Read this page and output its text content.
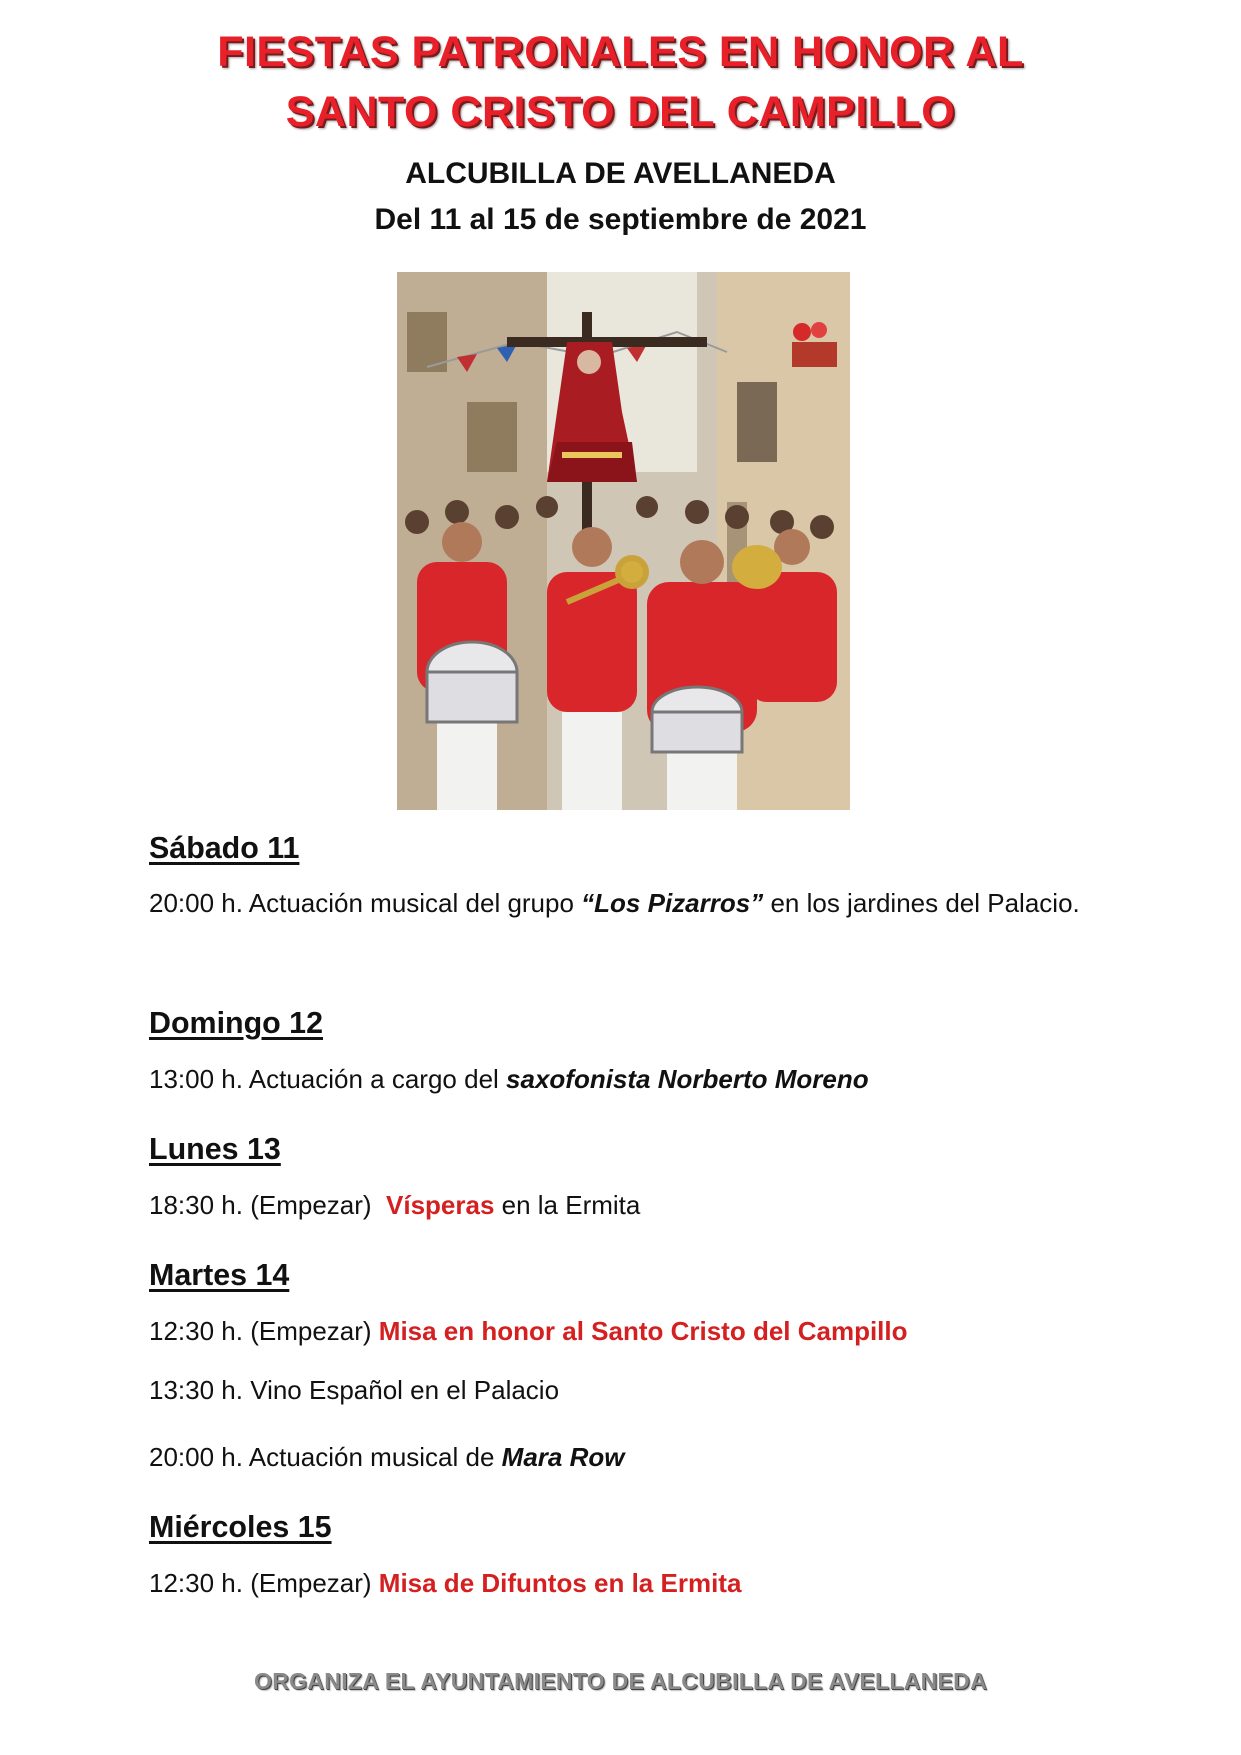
FIESTAS PATRONALES EN HONOR AL
SANTO CRISTO DEL CAMPILLO
ALCUBILLA DE AVELLANEDA
Del 11 al 15 de septiembre de 2021
Sábado 11

20:00 h. Actuación musical del grupo “Los Pizarros” en los jardines del Palacio.

Domingo 12

13:00 h. Actuación a cargo del saxofonista Norberto Moreno

Lunes 13

18:30 h. (Empezar)  Vísperas en la Ermita

Martes 14

12:30 h. (Empezar) Misa en honor al Santo Cristo del Campillo

13:30 h. Vino Español en el Palacio

20:00 h. Actuación musical de Mara Row

Miércoles 15

12:30 h. (Empezar) Misa de Difuntos en la Ermita

ORGANIZA EL AYUNTAMIENTO DE ALCUBILLA DE AVELLANEDA
